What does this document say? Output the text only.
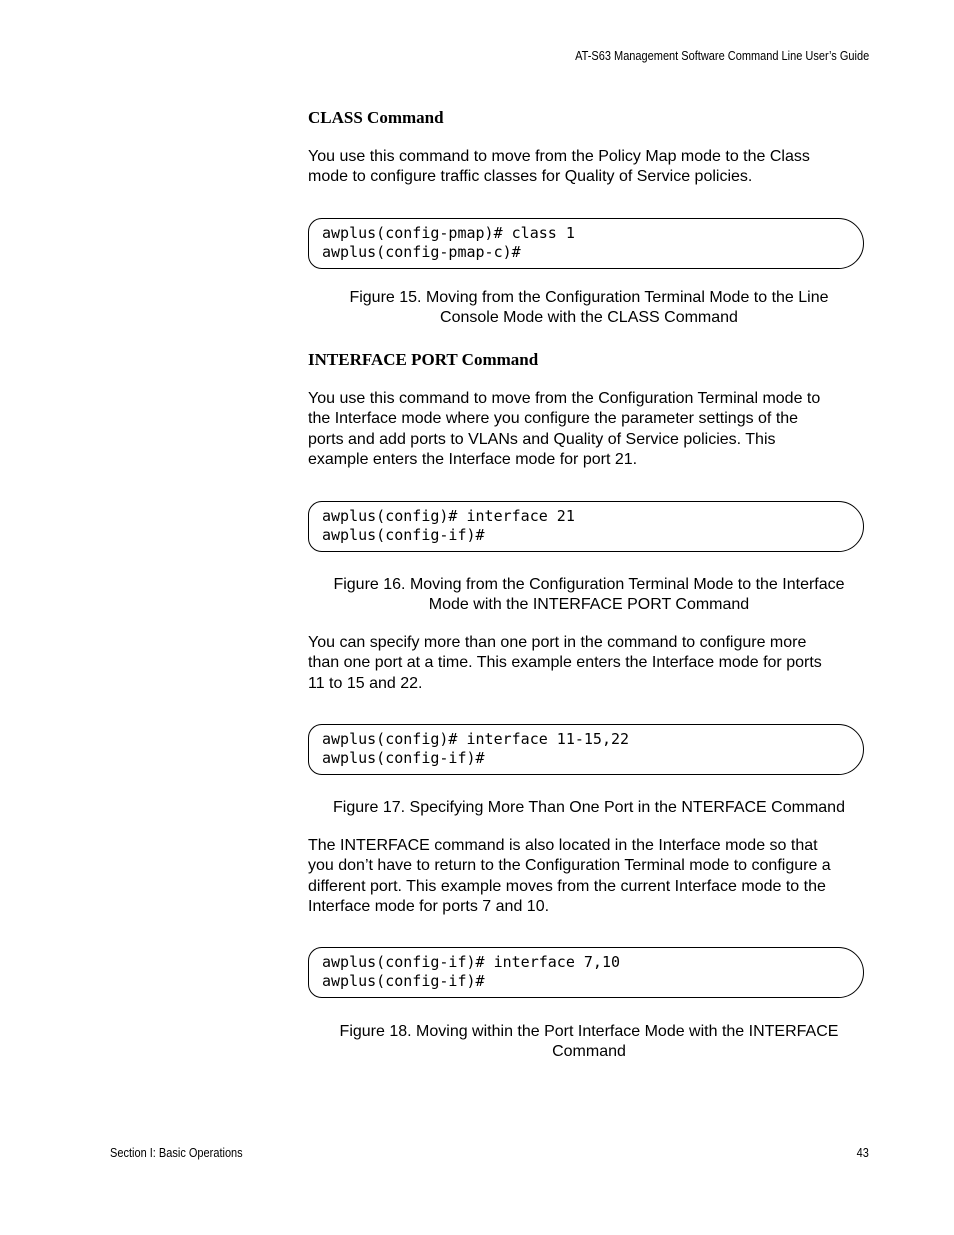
AT-S63 Management Software Command Line User’s Guide
CLASS Command
You use this command to move from the Policy Map mode to the Class
mode to configure traffic classes for Quality of Service policies.
awplus(config-pmap)# class 1
awplus(config-pmap-c)#
Figure 15. Moving from the Configuration Terminal Mode to the Line
Console Mode with the CLASS Command
INTERFACE PORT Command
You use this command to move from the Configuration Terminal mode to
the Interface mode where you configure the parameter settings of the
ports and add ports to VLANs and Quality of Service policies. This
example enters the Interface mode for port 21.
awplus(config)# interface 21
awplus(config-if)#
Figure 16. Moving from the Configuration Terminal Mode to the Interface
Mode with the INTERFACE PORT Command
You can specify more than one port in the command to configure more
than one port at a time. This example enters the Interface mode for ports
11 to 15 and 22.
awplus(config)# interface 11-15,22
awplus(config-if)#
Figure 17. Specifying More Than One Port in the NTERFACE Command
The INTERFACE command is also located in the Interface mode so that
you don’t have to return to the Configuration Terminal mode to configure a
different port. This example moves from the current Interface mode to the
Interface mode for ports 7 and 10.
awplus(config-if)# interface 7,10
awplus(config-if)#
Figure 18. Moving within the Port Interface Mode with the INTERFACE
Command
Section I: Basic Operations	43
